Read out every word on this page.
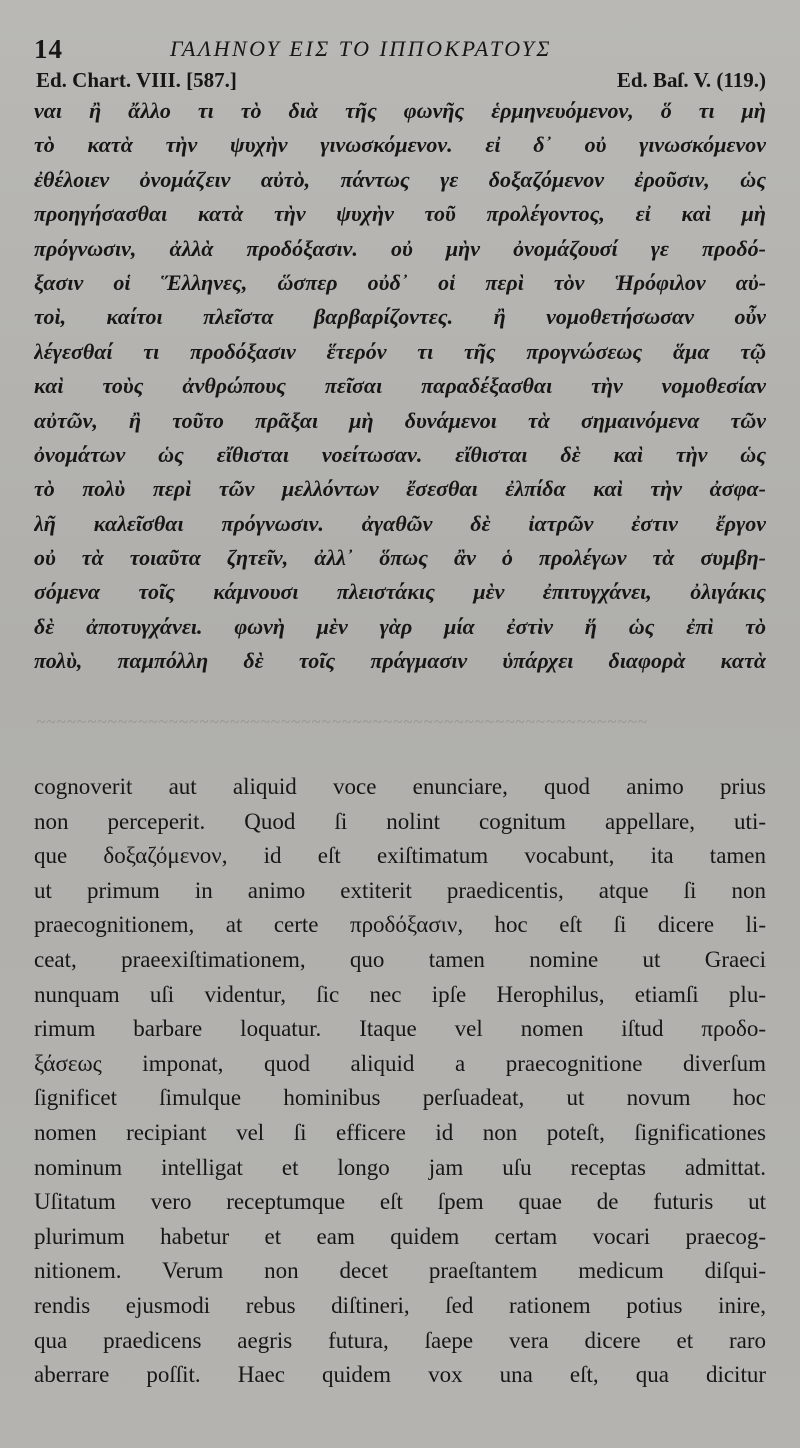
14	ΓΑΛΗΝΟΥ ΕΙΣ ΤΟ ΙΠΠΟΚΡΑΤΟΥΣ
Ed. Chart. VIII. [587.]	Ed. Baſ. V. (119.)
ναι ἢ ἄλλο τι τὸ διὰ τῆς φωνῆς ἑρμηνευόμενον, ὅ τι μὴ
τὸ κατὰ τὴν ψυχὴν γινωσκόμενον. εἰ δ᾽ οὐ γινωσκόμενον
ἐθέλοιεν ὀνομάζειν αὐτὸ, πάντως γε δοξαζόμενον ἐροῦσιν, ὡς
προηγήσασθαι κατὰ τὴν ψυχὴν τοῦ προλέγοντος, εἰ καὶ μὴ
πρόγνωσιν, ἀλλὰ προδόξασιν. οὐ μὴν ὀνομάζουσί γε προδό-
ξασιν οἱ Ἕλληνες, ὥσπερ οὐδ᾽ οἱ περὶ τὸν Ἡρόφιλον αὐ-
τοὶ, καίτοι πλεῖστα βαρβαρίζοντες. ἢ νομοθετήσωσαν οὖν
λέγεσθαί τι προδόξασιν ἕτερόν τι τῆς προγνώσεως ἅμα τῷ
καὶ τοὺς ἀνθρώπους πεῖσαι παραδέξασθαι τὴν νομοθεσίαν
αὐτῶν, ἢ τοῦτο πρᾶξαι μὴ δυνάμενοι τὰ σημαινόμενα τῶν
ὀνομάτων ὡς εἴθισται νοείτωσαν. εἴθισται δὲ καὶ τὴν ὡς
τὸ πολὺ περὶ τῶν μελλόντων ἔσεσθαι ἐλπίδα καὶ τὴν ἀσφα-
λῆ καλεῖσθαι πρόγνωσιν. ἀγαθῶν δὲ ἰατρῶν ἐστιν ἔργον
οὐ τὰ τοιαῦτα ζητεῖν, ἀλλ᾽ ὅπως ἂν ὁ προλέγων τὰ συμβη-
σόμενα τοῖς κάμνουσι πλειστάκις μὲν ἐπιτυγχάνει, ὀλιγάκις
δὲ ἀποτυγχάνει. φωνὴ μὲν γὰρ μία ἐστὶν ἥ ὡς ἐπὶ τὸ
πολὺ, παμπόλλη δὲ τοῖς πράγμασιν ὑπάρχει διαφορὰ κατὰ
~~~~~~~~~~~~~~~~~~~~~~~~~~~~~~~~~~~~~~~~~~~~~~~~~~~~~~~~~~~~
cognoverit aut aliquid voce enunciare, quod animo prius
non perceperit. Quod ſi nolint cognitum appellare, uti-
que δοξαζόμενον, id eſt exiſtimatum vocabunt, ita tamen
ut primum in animo extiterit praedicentis, atque ſi non
praecognitionem, at certe προδόξασιν, hoc eſt ſi dicere li-
ceat, praeexiſtimationem, quo tamen nomine ut Graeci
nunquam uſi videntur, ſic nec ipſe Herophilus, etiamſi plu-
rimum barbare loquatur. Itaque vel nomen iſtud προδο-
ξάσεως imponat, quod aliquid a praecognitione diverſum
ſignificet ſimulque hominibus perſuadeat, ut novum hoc
nomen recipiant vel ſi efficere id non poteſt, ſignificationes
nominum intelligat et longo jam uſu receptas admittat.
Uſitatum vero receptumque eſt ſpem quae de futuris ut
plurimum habetur et eam quidem certam vocari praecog-
nitionem. Verum non decet praeſtantem medicum diſqui-
rendis ejusmodi rebus diſtineri, ſed rationem potius inire,
qua praedicens aegris futura, ſaepe vera dicere et raro
aberrare poſſit. Haec quidem vox una eſt, qua dicitur
